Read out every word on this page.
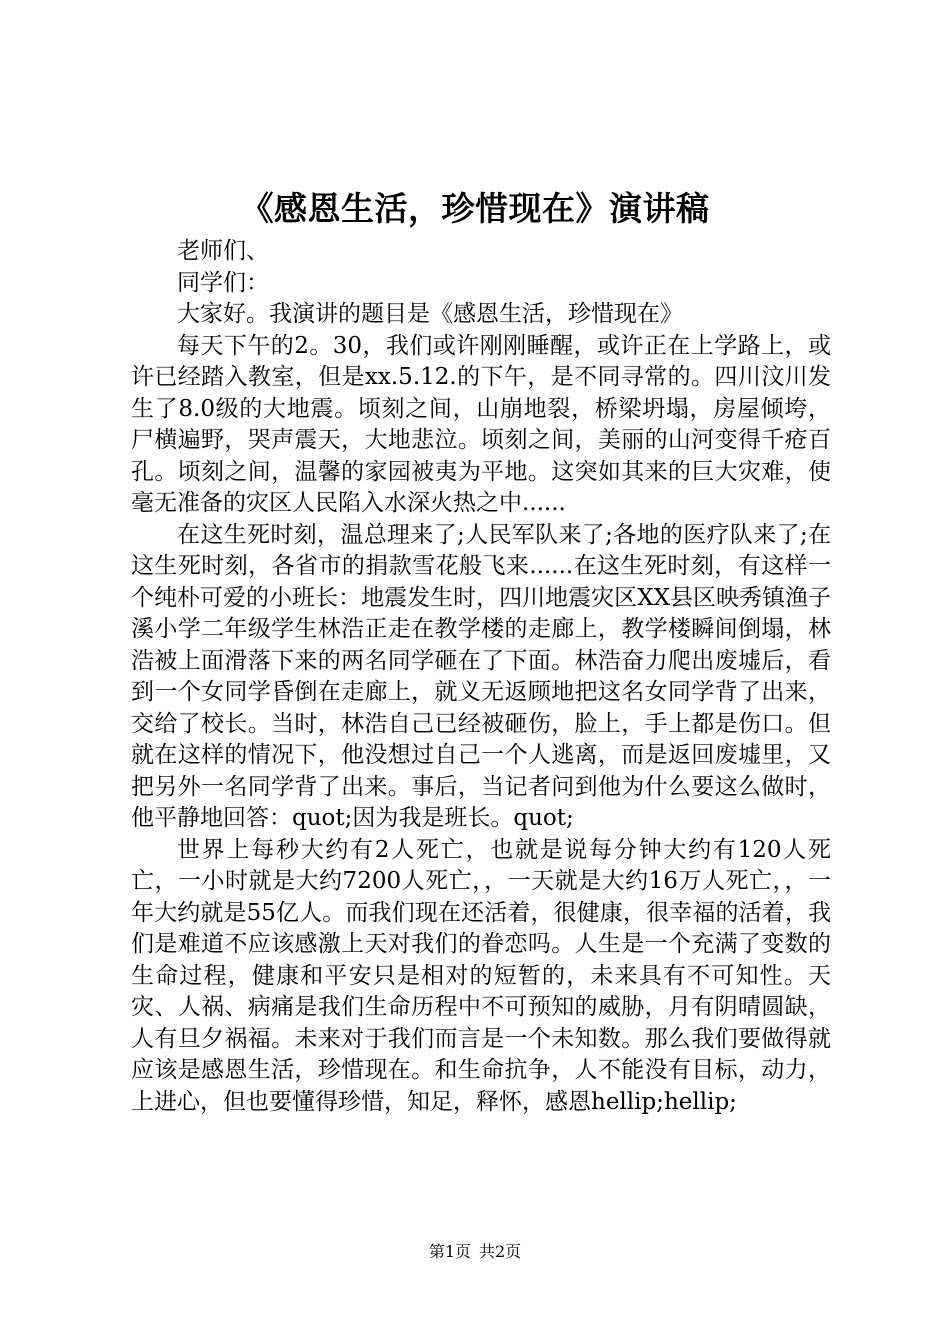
《感恩生活，珍惜现在》演讲稿

老师们、

同学们：

大家好。我演讲的题目是《感恩生活，珍惜现在》

每天下午的2。30，我们或许刚刚睡醒，或许正在上学路上，或许已经踏入教室，但是xx.5.12.的下午，是不同寻常的。四川汶川发生了8.0级的大地震。顷刻之间，山崩地裂，桥梁坍塌，房屋倾垮，尸横遍野，哭声震天，大地悲泣。顷刻之间，美丽的山河变得千疮百孔。顷刻之间，温馨的家园被夷为平地。这突如其来的巨大灾难，使毫无准备的灾区人民陷入水深火热之中......

在这生死时刻，温总理来了;人民军队来了;各地的医疗队来了;在这生死时刻，各省市的捐款雪花般飞来......在这生死时刻，有这样一个纯朴可爱的小班长：地震发生时，四川地震灾区XX县区映秀镇渔子溪小学二年级学生林浩正走在教学楼的走廊上，教学楼瞬间倒塌，林浩被上面滑落下来的两名同学砸在了下面。林浩奋力爬出废墟后，看到一个女同学昏倒在走廊上，就义无返顾地把这名女同学背了出来，交给了校长。当时，林浩自己已经被砸伤，脸上，手上都是伤口。但就在这样的情况下，他没想过自己一个人逃离，而是返回废墟里，又把另外一名同学背了出来。事后，当记者问到他为什么要这么做时，他平静地回答：quot;因为我是班长。quot;

世界上每秒大约有2人死亡，也就是说每分钟大约有120人死亡，一小时就是大约7200人死亡，，一天就是大约16万人死亡，，一年大约就是55亿人。而我们现在还活着，很健康，很幸福的活着，我们是难道不应该感激上天对我们的眷恋吗。人生是一个充满了变数的生命过程，健康和平安只是相对的短暂的，未来具有不可知性。天灾、人祸、病痛是我们生命历程中不可预知的威胁，月有阴晴圆缺，人有旦夕祸福。未来对于我们而言是一个未知数。那么我们要做得就应该是感恩生活，珍惜现在。和生命抗争，人不能没有目标，动力，上进心，但也要懂得珍惜，知足，释怀，感恩hellip;hellip;

第1页 共2页
